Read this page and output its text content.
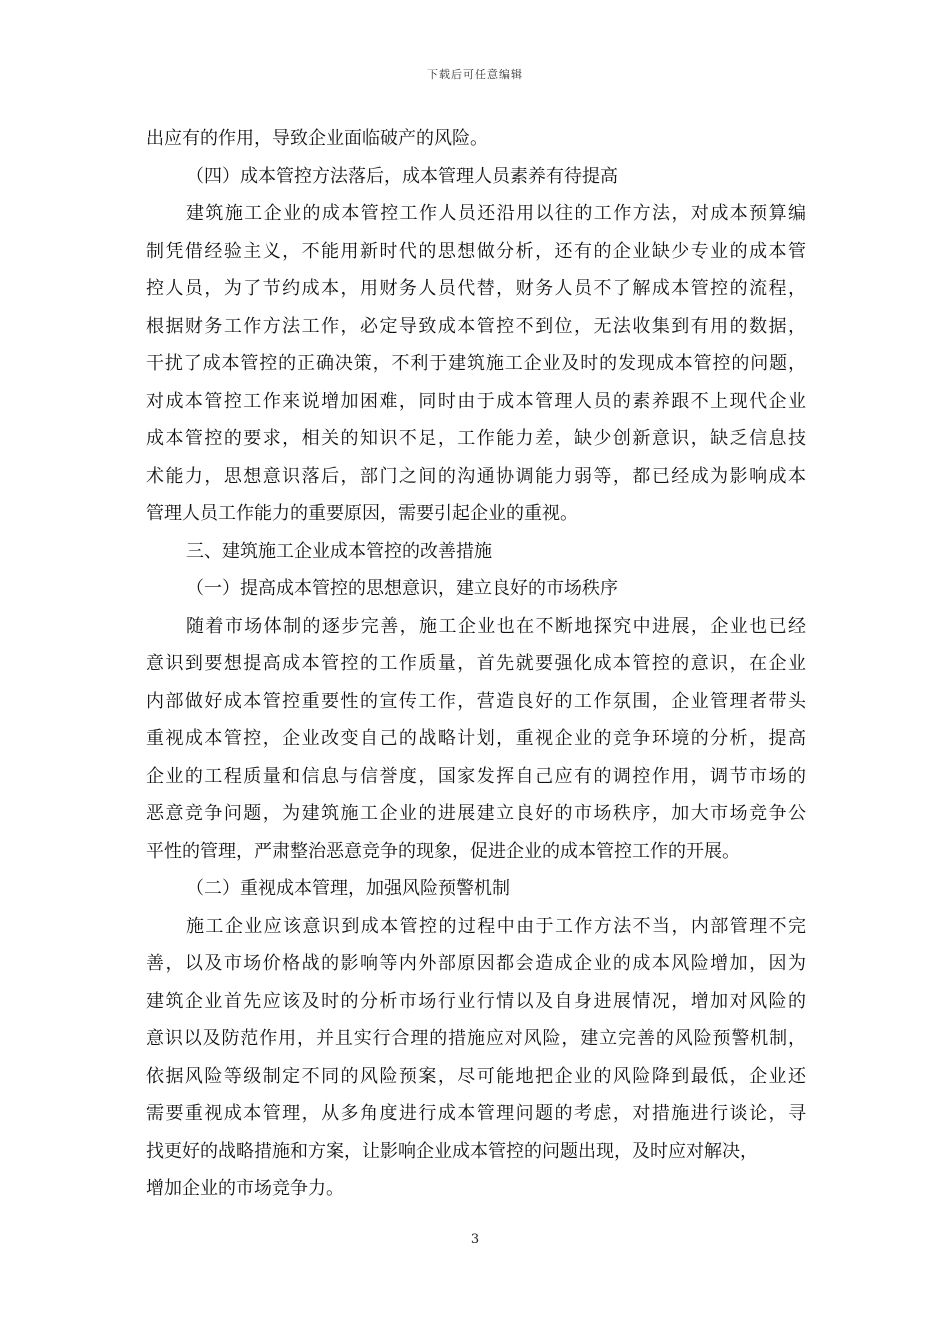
下载后可任意编辑
出应有的作用，导致企业面临破产的风险。
（四）成本管控方法落后，成本管理人员素养有待提高
建筑施工企业的成本管控工作人员还沿用以往的工作方法，对成本预算编
制凭借经验主义，不能用新时代的思想做分析，还有的企业缺少专业的成本管
控人员，为了节约成本，用财务人员代替，财务人员不了解成本管控的流程，
根据财务工作方法工作，必定导致成本管控不到位，无法收集到有用的数据，
干扰了成本管控的正确决策，不利于建筑施工企业及时的发现成本管控的问题，
对成本管控工作来说增加困难，同时由于成本管理人员的素养跟不上现代企业
成本管控的要求，相关的知识不足，工作能力差，缺少创新意识，缺乏信息技
术能力，思想意识落后，部门之间的沟通协调能力弱等，都已经成为影响成本
管理人员工作能力的重要原因，需要引起企业的重视。
三、建筑施工企业成本管控的改善措施
（一）提高成本管控的思想意识，建立良好的市场秩序
随着市场体制的逐步完善，施工企业也在不断地探究中进展，企业也已经
意识到要想提高成本管控的工作质量，首先就要强化成本管控的意识，在企业
内部做好成本管控重要性的宣传工作，营造良好的工作氛围，企业管理者带头
重视成本管控，企业改变自己的战略计划，重视企业的竞争环境的分析，提高
企业的工程质量和信息与信誉度，国家发挥自己应有的调控作用，调节市场的
恶意竞争问题，为建筑施工企业的进展建立良好的市场秩序，加大市场竞争公
平性的管理，严肃整治恶意竞争的现象，促进企业的成本管控工作的开展。
（二）重视成本管理，加强风险预警机制
施工企业应该意识到成本管控的过程中由于工作方法不当，内部管理不完
善，以及市场价格战的影响等内外部原因都会造成企业的成本风险增加，因为
建筑企业首先应该及时的分析市场行业行情以及自身进展情况，增加对风险的
意识以及防范作用，并且实行合理的措施应对风险，建立完善的风险预警机制，
依据风险等级制定不同的风险预案，尽可能地把企业的风险降到最低，企业还
需要重视成本管理，从多角度进行成本管理问题的考虑，对措施进行谈论，寻
找更好的战略措施和方案，让影响企业成本管控的问题出现，及时应对解决，
增加企业的市场竞争力。
3
